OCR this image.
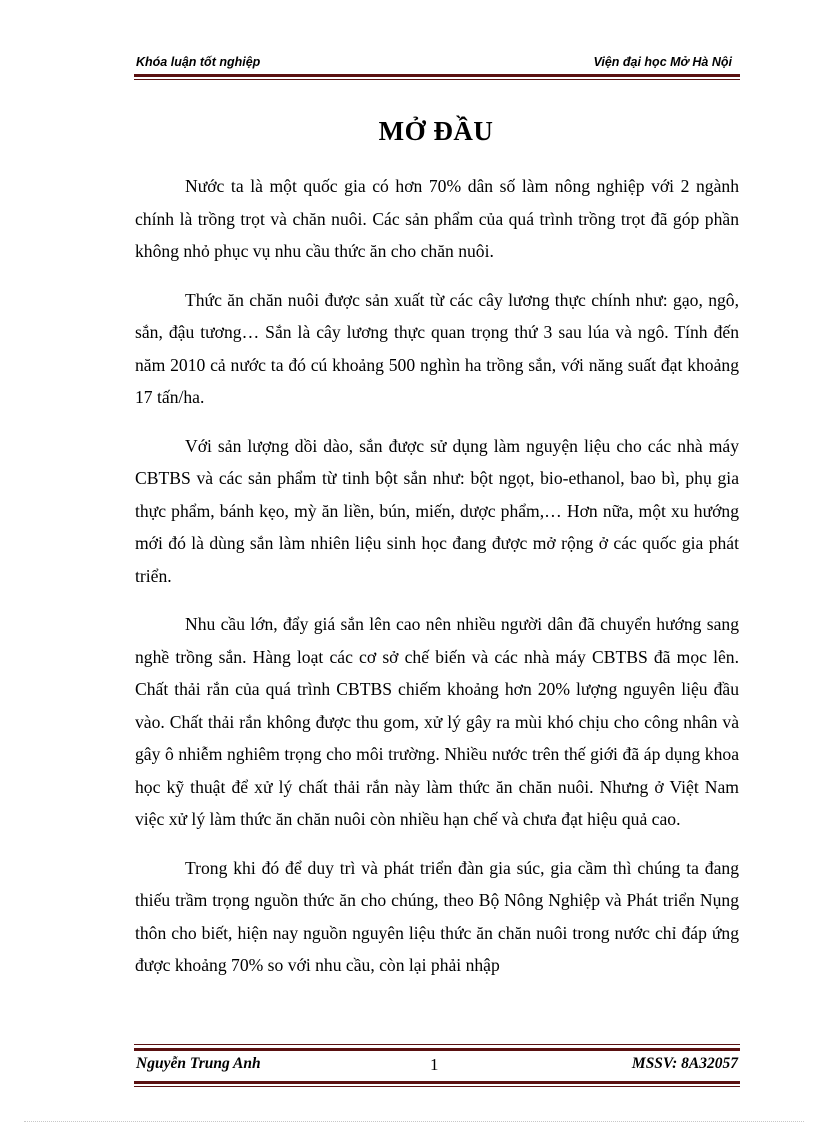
Khóa luận tốt nghiệp	Viện đại học Mở Hà Nội
MỞ ĐẦU

Nước ta là một quốc gia có hơn 70% dân số làm nông nghiệp với 2 ngành chính là trồng trọt và chăn nuôi. Các sản phẩm của quá trình trồng trọt đã góp phần không nhỏ phục vụ nhu cầu thức ăn cho chăn nuôi.

Thức ăn chăn nuôi được sản xuất từ các cây lương thực chính như: gạo, ngô, sắn, đậu tương… Sắn là cây lương thực quan trọng thứ 3 sau lúa và ngô. Tính đến năm 2010 cả nước ta đó cú khoảng 500 nghìn ha trồng sắn, với năng suất đạt khoảng 17 tấn/ha.

Với sản lượng dồi dào, sắn được sử dụng làm nguyện liệu cho các nhà máy CBTBS và các sản phẩm từ tinh bột sắn như: bột ngọt, bio-ethanol, bao bì, phụ gia thực phẩm, bánh kẹo, mỳ ăn liền, bún, miến, dược phẩm,… Hơn nữa, một xu hướng mới đó là dùng sắn làm nhiên liệu sinh học đang được mở rộng ở các quốc gia phát triển.

Nhu cầu lớn, đẩy giá sắn lên cao nên nhiều người dân đã chuyển hướng sang nghề trồng sắn. Hàng loạt các cơ sở chế biến và các nhà máy CBTBS đã mọc lên. Chất thải rắn của quá trình CBTBS chiếm khoảng hơn 20% lượng nguyên liệu đầu vào. Chất thải rắn không được thu gom, xử lý gây ra mùi khó chịu cho công nhân và gây ô nhiễm nghiêm trọng cho môi trường. Nhiều nước trên thế giới đã áp dụng khoa học kỹ thuật để xử lý chất thải rắn này làm thức ăn chăn nuôi. Nhưng ở Việt Nam việc xử lý làm thức ăn chăn nuôi còn nhiều hạn chế và chưa đạt hiệu quả cao.

Trong khi đó để duy trì và phát triển đàn gia súc, gia cầm thì chúng ta đang thiếu trầm trọng nguồn thức ăn cho chúng, theo Bộ Nông Nghiệp và Phát triển Nụng thôn cho biết, hiện nay nguồn nguyên liệu thức ăn chăn nuôi trong nước chỉ đáp ứng được khoảng 70% so với nhu cầu, còn lại phải nhập

Nguyễn Trung Anh	1	MSSV: 8A32057
